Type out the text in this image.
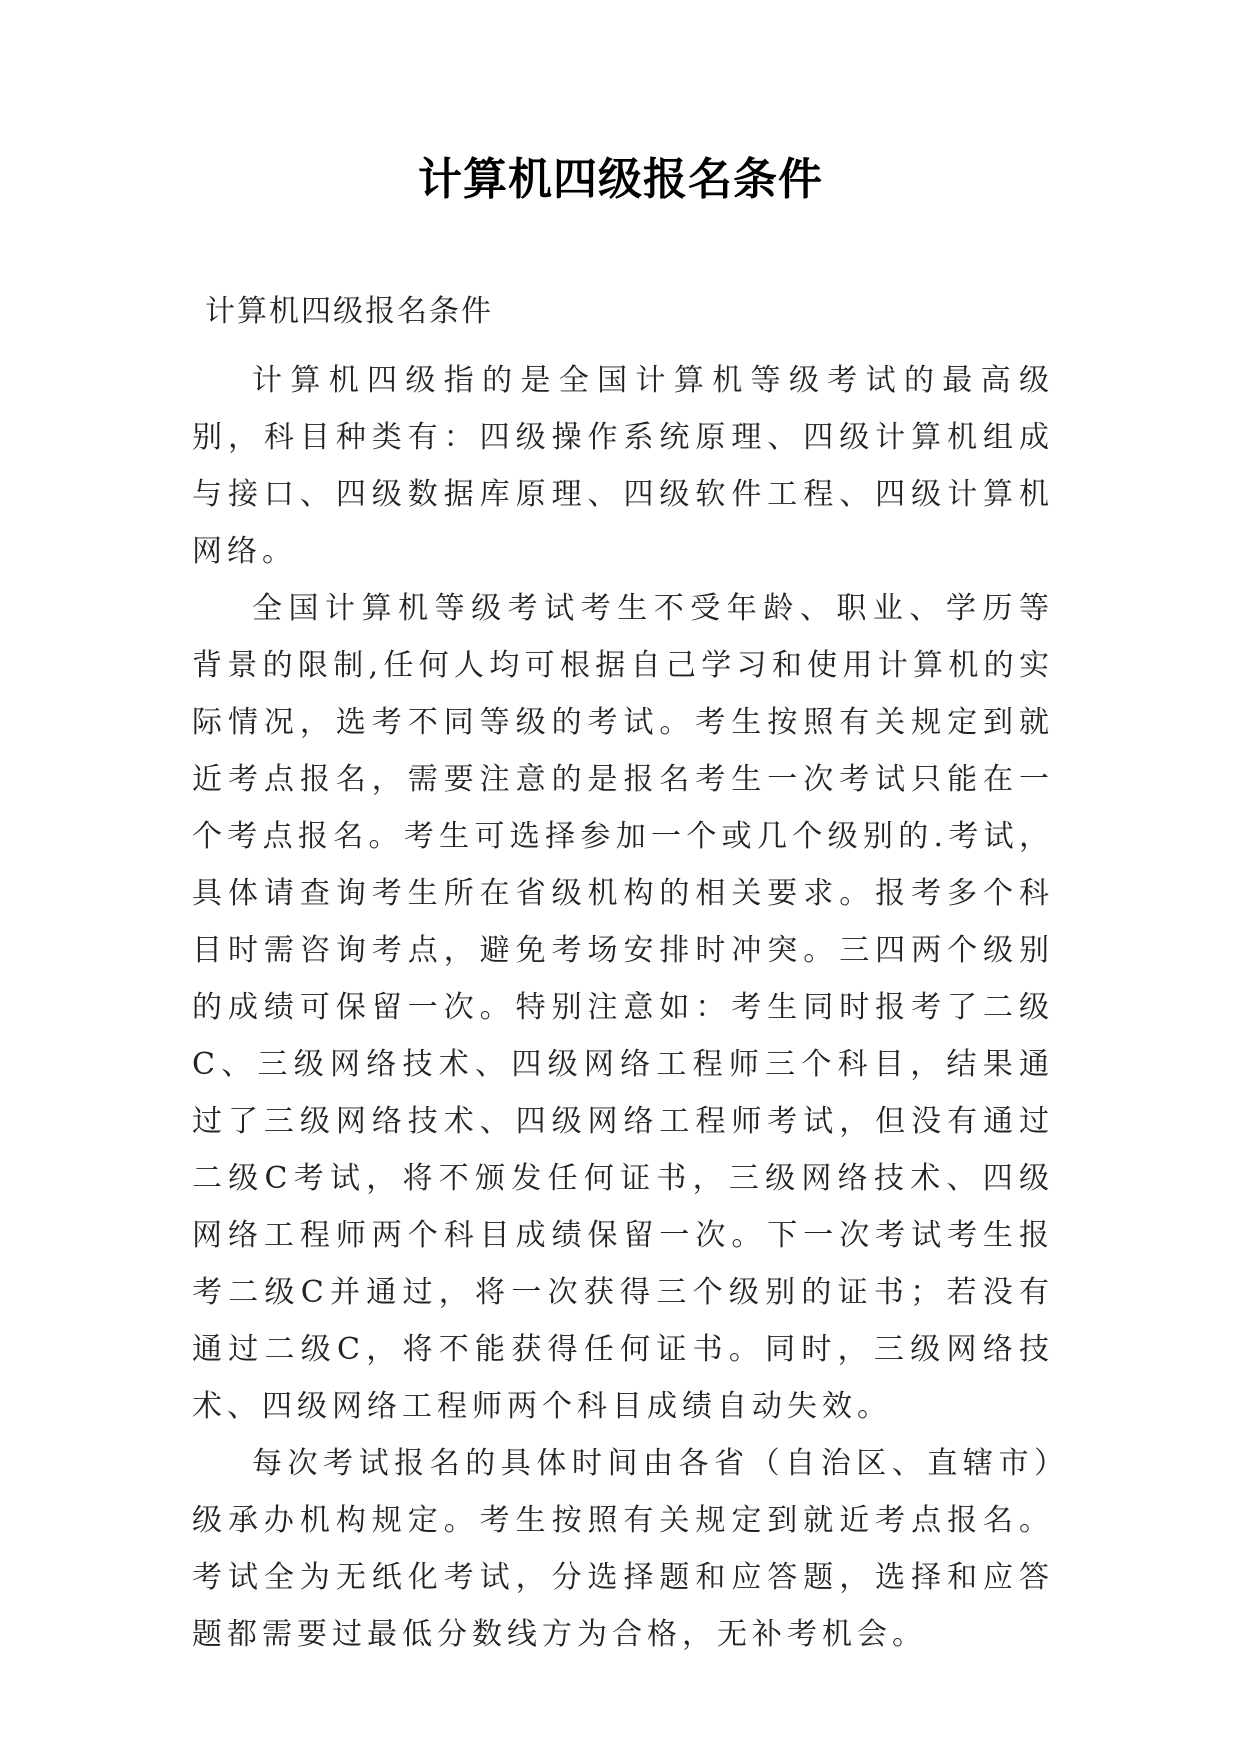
计算机四级报名条件
计算机四级报名条件

计算机四级指的是全国计算机等级考试的最高级别，科目种类有：四级操作系统原理、四级计算机组成与接口、四级数据库原理、四级软件工程、四级计算机网络。

全国计算机等级考试考生不受年龄、职业、学历等背景的限制,任何人均可根据自己学习和使用计算机的实际情况，选考不同等级的考试。考生按照有关规定到就近考点报名，需要注意的是报名考生一次考试只能在一个考点报名。考生可选择参加一个或几个级别的.考试，具体请查询考生所在省级机构的相关要求。报考多个科目时需咨询考点，避免考场安排时冲突。三四两个级别的成绩可保留一次。特别注意如：考生同时报考了二级C、三级网络技术、四级网络工程师三个科目，结果通过了三级网络技术、四级网络工程师考试，但没有通过二级C考试，将不颁发任何证书，三级网络技术、四级网络工程师两个科目成绩保留一次。下一次考试考生报考二级C并通过，将一次获得三个级别的证书；若没有通过二级C，将不能获得任何证书。同时，三级网络技术、四级网络工程师两个科目成绩自动失效。

每次考试报名的具体时间由各省（自治区、直辖市）级承办机构规定。考生按照有关规定到就近考点报名。考试全为无纸化考试，分选择题和应答题，选择和应答题都需要过最低分数线方为合格，无补考机会。
